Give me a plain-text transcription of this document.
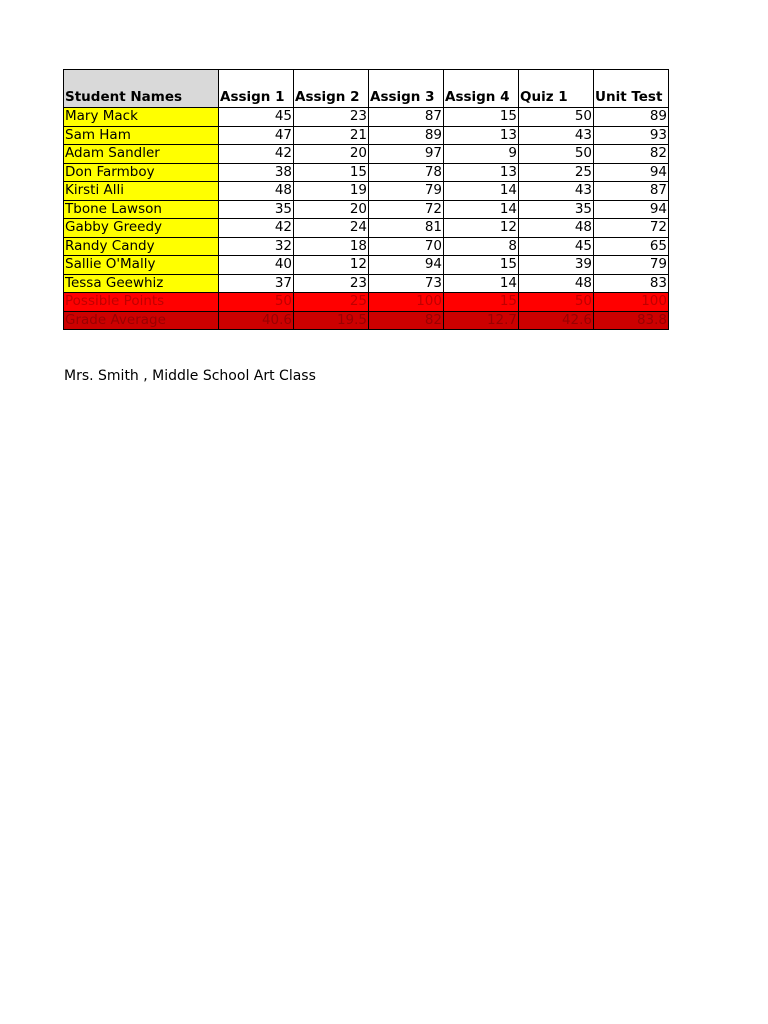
Student Names	Assign 1	Assign 2	Assign 3	Assign 4	Quiz 1	Unit Test
Mary Mack	45	23	87	15	50	89
Sam Ham	47	21	89	13	43	93
Adam Sandler	42	20	97	9	50	82
Don Farmboy	38	15	78	13	25	94
Kirsti Alli	48	19	79	14	43	87
Tbone Lawson	35	20	72	14	35	94
Gabby Greedy	42	24	81	12	48	72
Randy Candy	32	18	70	8	45	65
Sallie O'Mally	40	12	94	15	39	79
Tessa Geewhiz	37	23	73	14	48	83
Possible Points	50	25	100	15	50	100
Grade Average	40.6	19.5	82	12.7	42.6	83.8
Mrs. Smith , Middle School Art Class
